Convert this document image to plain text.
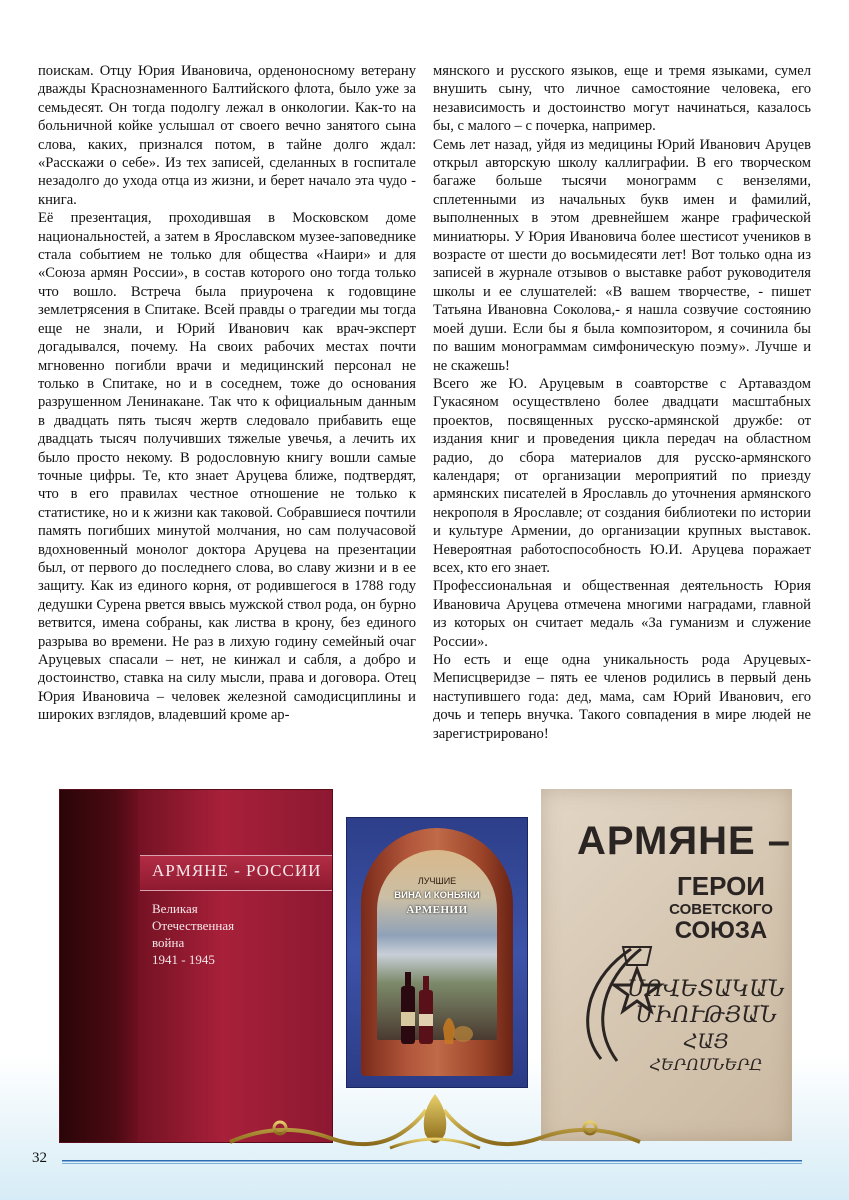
поискам. Отцу Юрия Ивановича, орденоносному ветерану дважды Краснознаменного Балтийского флота, было уже за семьдесят. Он тогда подолгу лежал в онкологии. Как-то на больничной койке услышал от своего вечно занятого сына слова, каких, признался потом, в тайне долго ждал: «Расскажи о себе». Из тех записей, сделанных в госпитале незадолго до ухода отца из жизни, и берет начало эта чудо - книга.

Её презентация, проходившая в Московском доме национальностей, а затем в Ярославском музее-заповеднике стала событием не только для общества «Наири» и для «Союза армян России», в состав которого оно тогда только что вошло. Встреча была приурочена к годовщине землетрясения в Спитаке. Всей правды о трагедии мы тогда еще не знали, и Юрий Иванович как врач-эксперт догадывался, почему. На своих рабочих местах почти мгновенно погибли врачи и медицинский персонал не только в Спитаке, но и в соседнем, тоже до основания разрушенном Ленинакане. Так что к официальным данным в двадцать пять тысяч жертв следовало прибавить еще двадцать тысяч получивших тяжелые увечья, а лечить их было просто некому. В родословную книгу вошли самые точные цифры. Те, кто знает Аруцева ближе, подтвердят, что в его правилах честное отношение не только к статистике, но и к жизни как таковой. Собравшиеся почтили память погибших минутой молчания, но сам получасовой вдохновенный монолог доктора Аруцева на презентации был, от первого до последнего слова, во славу жизни и в ее защиту. Как из единого корня, от родившегося в 1788 году дедушки Сурена рвется ввысь мужской ствол рода, он бурно ветвится, имена собраны, как листва в крону, без единого разрыва во времени. Не раз в лихую годину семейный очаг Аруцевых спасали – нет, не кинжал и сабля, а добро и достоинство, ставка на силу мысли, права и договора. Отец Юрия Ивановича – человек железной самодисциплины и широких взглядов, владевший кроме ар-

мянского и русского языков, еще и тремя языками, сумел внушить сыну, что личное самостояние человека, его независимость и достоинство могут начинаться, казалось бы, с малого – с почерка, например.

Семь лет назад, уйдя из медицины Юрий Иванович Аруцев открыл авторскую школу каллиграфии. В его творческом багаже больше тысячи монограмм с вензелями, сплетенными из начальных букв имен и фамилий, выполненных в этом древнейшем жанре графической миниатюры. У Юрия Ивановича более шестисот учеников в возрасте от шести до восьмидесяти лет! Вот только одна из записей в журнале отзывов о выставке работ руководителя школы и ее слушателей: «В вашем творчестве, - пишет Татьяна Ивановна Соколова,- я нашла созвучие состоянию моей души. Если бы я была композитором, я сочинила бы по вашим монограммам симфоническую поэму». Лучше и не скажешь!

Всего же Ю. Аруцевым в соавторстве с Артаваздом Гукасяном осуществлено более двадцати масштабных проектов, посвященных русско-армянской дружбе: от издания книг и проведения цикла передач на областном радио, до сбора материалов для русско-армянского календаря; от организации мероприятий по приезду армянских писателей в Ярославль до уточнения армянского некрополя в Ярославле; от создания библиотеки по истории и культуре Армении, до организации крупных выставок. Невероятная работоспособность Ю.И. Аруцева поражает всех, кто его знает.

Профессиональная и общественная деятельность Юрия Ивановича Аруцева отмечена многими наградами, главной из которых он считает медаль «За гуманизм и служение России».

Но есть и еще одна уникальность рода Аруцевых-Меписцверидзе – пять ее членов родились в первый день наступившего года: дед, мама, сам Юрий Иванович, его дочь и теперь внучка. Такого совпадения в мире людей не зарегистрировано!

АРМЯНЕ - РОССИИ
Великая
Отечественная
война
1941 - 1945
ЛУЧШИЕ
ВИНА И КОНЬЯКИ
АРМЕНИИ
АРМЯНЕ –
ГЕРОИ
СОВЕТСКОГО
СОЮЗА
ՍՈՎԵՏԱԿԱՆ
ՄԻՈՒԹՅԱՆ
ՀԱՅ
ՀԵՐՈՍՆԵՐԸ
32
